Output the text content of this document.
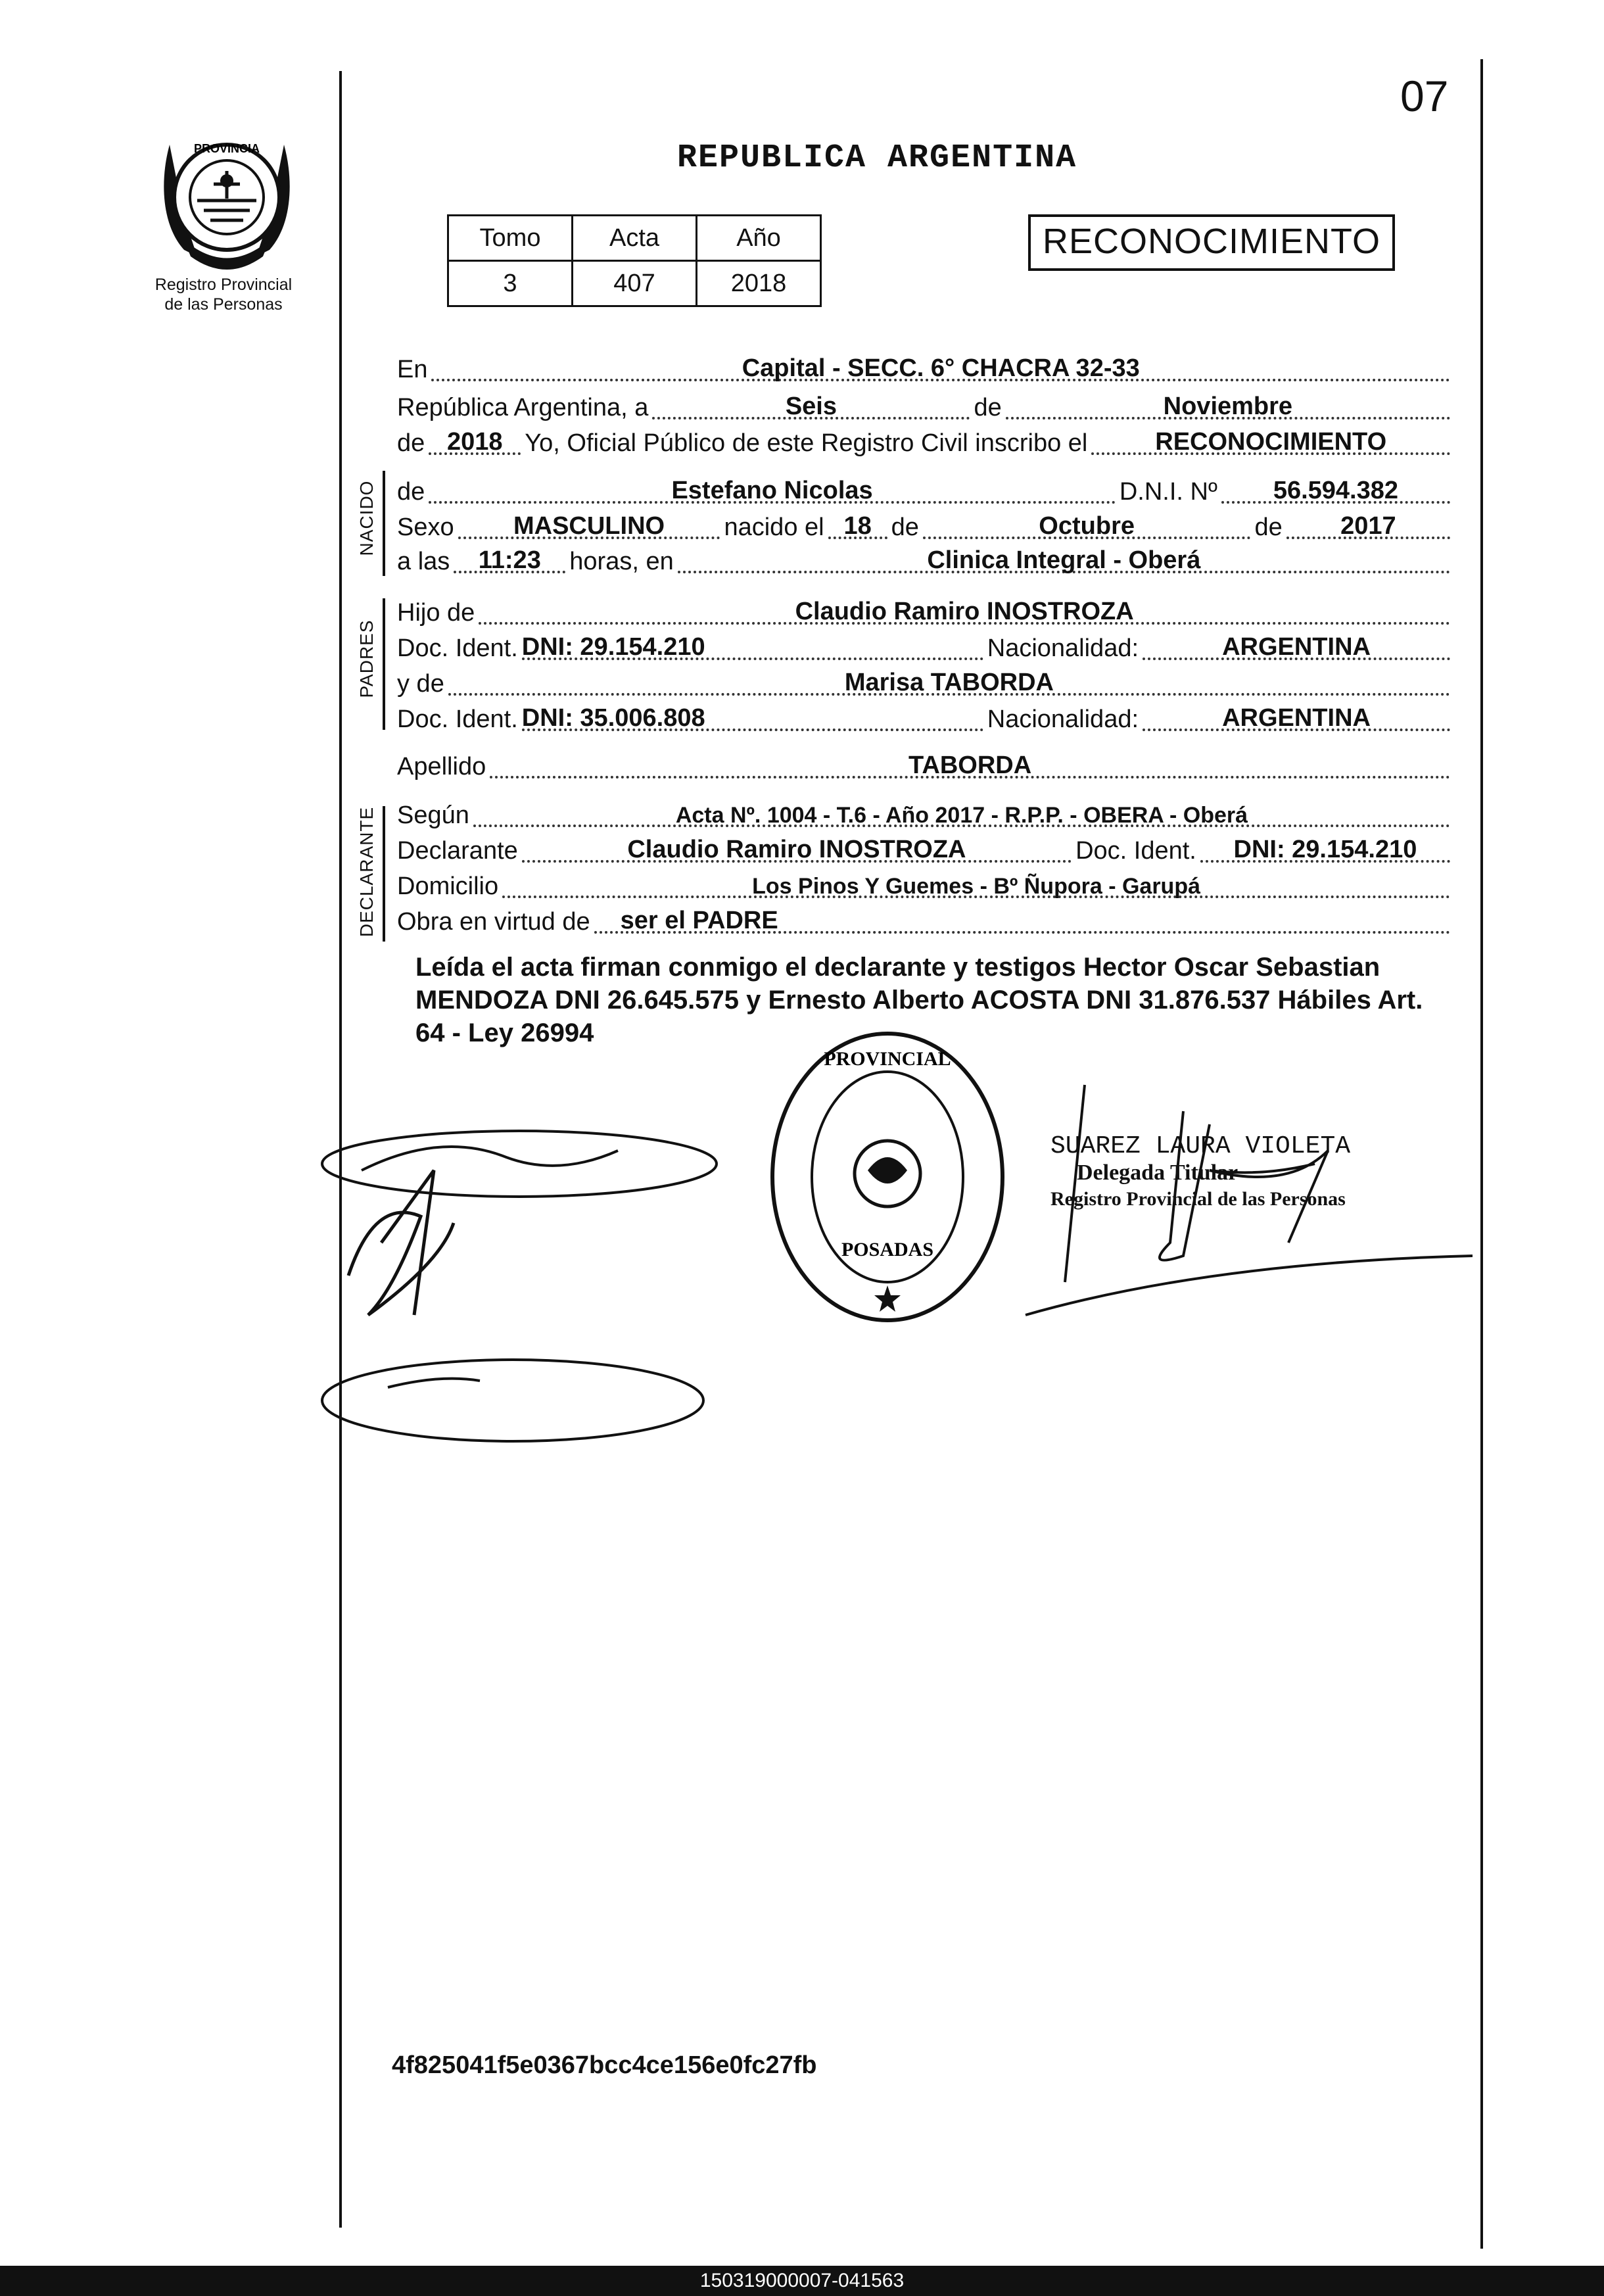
07
PROVINCIA
Registro Provincial
de las Personas
REPUBLICA ARGENTINA
Tomo	Acta	Año
3	407	2018
RECONOCIMIENTO
En	Capital - SECC. 6° CHACRA 32-33
República Argentina, a	Seis	de	Noviembre
de 2018 Yo, Oficial Público de este Registro Civil inscribo el	RECONOCIMIENTO
NACIDO de	Estefano Nicolas	D.N.I. Nº	56.594.382
Sexo	MASCULINO	nacido el 18 de	Octubre	de	2017
a las	11:23	horas, en	Clinica Integral - Oberá
PADRES
Hijo de	Claudio Ramiro INOSTROZA
Doc. Ident. DNI: 29.154.210	Nacionalidad:	ARGENTINA
y de	Marisa TABORDA
Doc. Ident. DNI: 35.006.808	Nacionalidad:	ARGENTINA
Apellido	TABORDA
DECLARANTE Según	Acta Nº. 1004 - T.6 - Año 2017 - R.P.P. - OBERA - Oberá
Declarante	Claudio Ramiro INOSTROZA	Doc. Ident.	DNI: 29.154.210
Domicilio	Los Pinos Y Guemes - Bº Ñupora - Garupá
Obra en virtud de	ser el PADRE
Leída el acta firman conmigo el declarante y testigos Hector Oscar Sebastian MENDOZA DNI 26.645.575 y Ernesto Alberto ACOSTA DNI 31.876.537 Hábiles Art. 64 - Ley 26994
PROVINCIAL
POSADAS
SUAREZ LAURA VIOLETA
Delegada Titular
Registro Provincial de las Personas
4f825041f5e0367bcc4ce156e0fc27fb
150319000007-041563
